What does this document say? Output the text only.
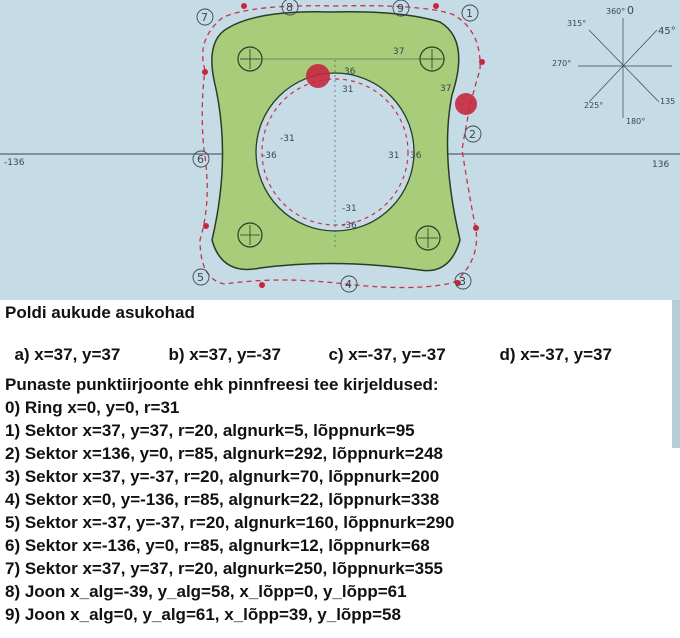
-136	136
36
31
-31
-36	31 36
-31
-36
37
37
7
8	9	1
2
3
4
5
6
360° 0
315°
45°
270°
225°
180°
135
Poldi aukude asukohad

a) x=37, y=37	b) x=37, y=-37	c) x=-37, y=-37	d) x=-37, y=37

Punaste punktiirjoonte ehk pinnfreesi tee kirjeldused:
0) Ring x=0, y=0, r=31
1) Sektor x=37, y=37, r=20, algnurk=5, lõppnurk=95
2) Sektor x=136, y=0, r=85, algnurk=292, lõppnurk=248
3) Sektor x=37, y=-37, r=20, algnurk=70, lõppnurk=200
4) Sektor x=0, y=-136, r=85, algnurk=22, lõppnurk=338
5) Sektor x=-37, y=-37, r=20, algnurk=160, lõppnurk=290
6) Sektor x=-136, y=0, r=85, algnurk=12, lõppnurk=68
7) Sektor x=37, y=37, r=20, algnurk=250, lõppnurk=355
8) Joon x_alg=-39, y_alg=58, x_lõpp=0, y_lõpp=61
9) Joon x_alg=0, y_alg=61, x_lõpp=39, y_lõpp=58
